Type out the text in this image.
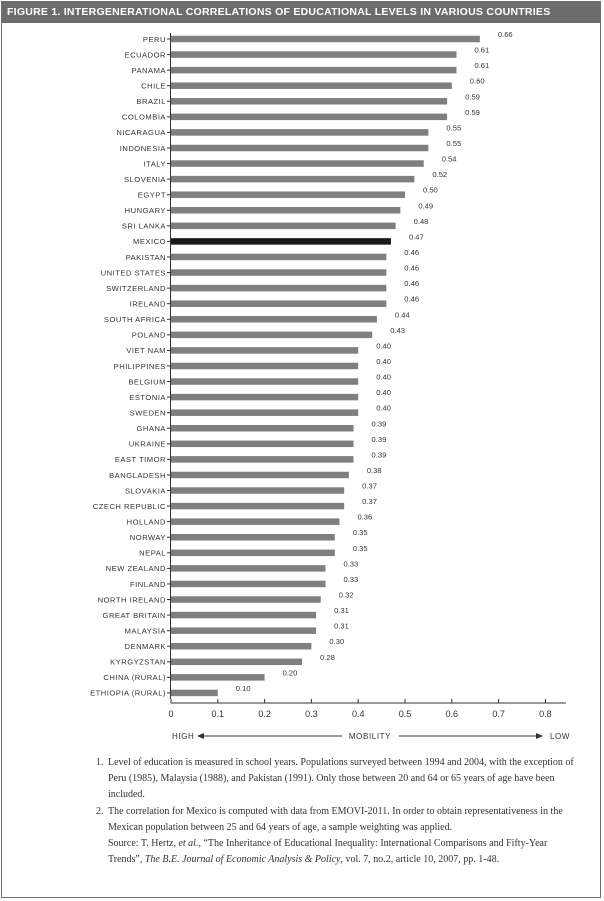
FIGURE 1. INTERGENERATIONAL CORRELATIONS OF EDUCATIONAL LEVELS IN VARIOUS COUNTRIES
PERU
0.66
ECUADOR
0.61
PANAMA
0.61
CHILE
0.60
BRAZIL
0.59
COLOMBIA
0.59
NICARAGUA
0.55
INDONESIA
0.55
ITALY
0.54
SLOVENIA
0.52
EGYPT
0.50
HUNGARY
0.49
SRI LANKA
0.48
MEXICO
0.47
PAKISTAN
0.46
UNITED STATES
0.46
SWITZERLAND
0.46
IRELAND
0.46
SOUTH AFRICA
0.44
POLAND
0.43
VIET NAM
0.40
PHILIPPINES
0.40
BELGIUM
0.40
ESTONIA
0.40
SWEDEN
0.40
GHANA
0.39
UKRAINE
0.39
EAST TIMOR
0.39
BANGLADESH
0.38
SLOVAKIA
0.37
CZECH REPUBLIC
0.37
HOLLAND
0.36
NORWAY
0.35
NEPAL
0.35
NEW ZEALAND
0.33
FINLAND
0.33
NORTH IRELAND
0.32
GREAT BRITAIN
0.31
MALAYSIA
0.31
DENMARK
0.30
KYRGYZSTAN
0.28
CHINA (RURAL)
0.20
ETHIOPIA (RURAL)
0.10
0	0.1	0.2	0.3	0.4	0.5	0.6	0.7	0.8
HIGH	MOBILITY	LOW
1. Level of education is measured in school years. Populations surveyed between 1994 and 2004, with the exception of Peru (1985), Malaysia (1988), and Pakistan (1991). Only those between 20 and 64 or 65 years of age have been included.
2. The correlation for Mexico is computed with data from EMOVI-2011. In order to obtain representativeness in the Mexican population between 25 and 64 years of age, a sample weighting was applied.
Source: T. Hertz, et al., “The Inheritance of Educational Inequality: International Comparisons and Fifty-Year Trends”, The B.E. Journal of Economic Analysis & Policy, vol. 7, no.2, article 10, 2007, pp. 1-48.
